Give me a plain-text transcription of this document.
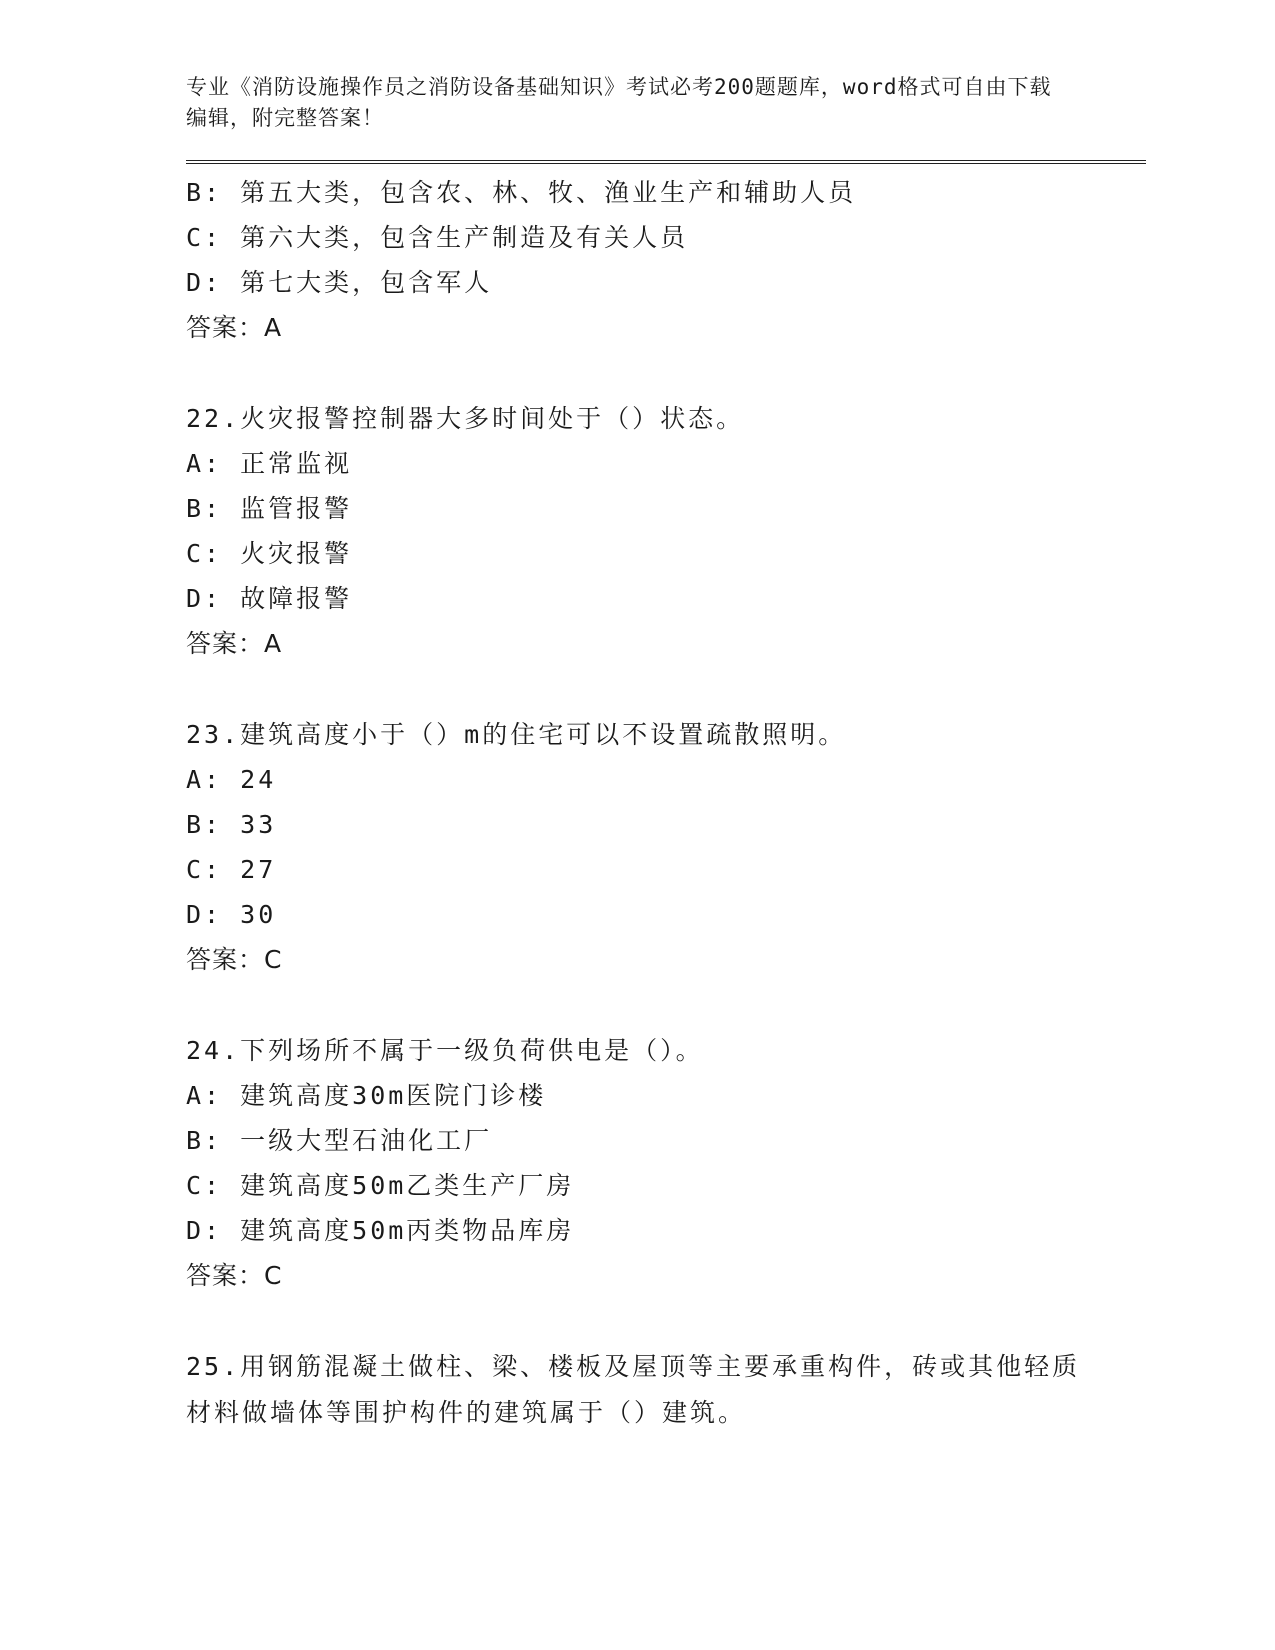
专业《消防设施操作员之消防设备基础知识》考试必考200题题库，word格式可自由下载编辑，附完整答案！
B: 第五大类，包含农、林、牧、渔业生产和辅助人员
C: 第六大类，包含生产制造及有关人员
D: 第七大类，包含军人
答案：A
22.火灾报警控制器大多时间处于（）状态。
A: 正常监视
B: 监管报警
C: 火灾报警
D: 故障报警
答案：A
23.建筑高度小于（）m的住宅可以不设置疏散照明。
A: 24
B: 33
C: 27
D: 30
答案：C
24.下列场所不属于一级负荷供电是（）。
A: 建筑高度30m医院门诊楼
B: 一级大型石油化工厂
C: 建筑高度50m乙类生产厂房
D: 建筑高度50m丙类物品库房
答案：C
25.用钢筋混凝土做柱、梁、楼板及屋顶等主要承重构件，砖或其他轻质材料做墙体等围护构件的建筑属于（）建筑。
